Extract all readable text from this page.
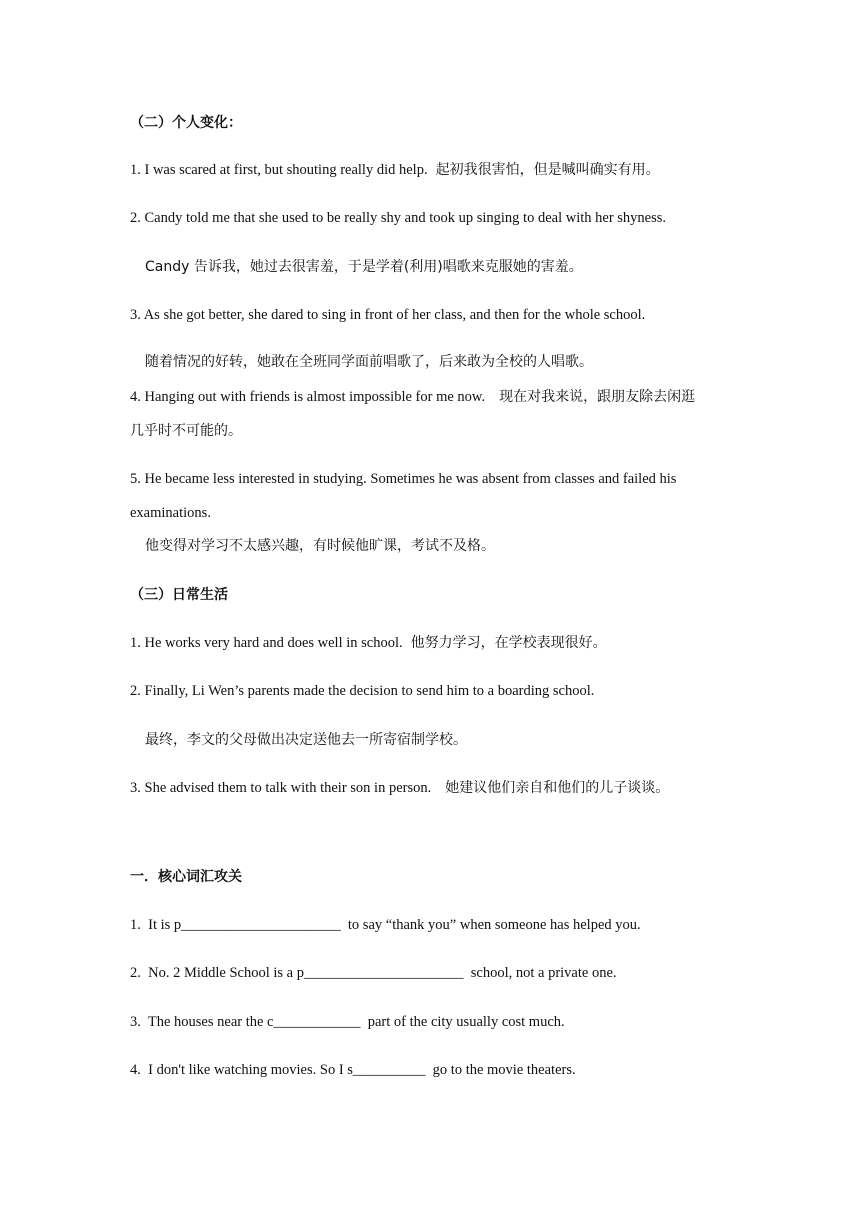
（二）个人变化：
1. I was scared at first, but shouting really did help. 起初我很害怕，但是喊叫确实有用。
2. Candy told me that she used to be really shy and took up singing to deal with her shyness.
Candy 告诉我，她过去很害羞，于是学着(利用)唱歌来克服她的害羞。
3. As she got better, she dared to sing in front of her class, and then for the whole school.
随着情况的好转，她敢在全班同学面前唱歌了，后来敢为全校的人唱歌。
4. Hanging out with friends is almost impossible for me now. 现在对我来说，跟朋友除去闲逛
几乎时不可能的。
5. He became less interested in studying. Sometimes he was absent from classes and failed his
examinations.
他变得对学习不太感兴趣，有时候他旷课，考试不及格。
（三）日常生活
1. He works very hard and does well in school. 他努力学习，在学校表现很好。
2. Finally, Li Wen’s parents made the decision to send him to a boarding school.
最终，李文的父母做出决定送他去一所寄宿制学校。
3. She advised them to talk with their son in person. 她建议他们亲自和他们的儿子谈谈。
一．核心词汇攻关
1.  It is p______________________  to say “thank you” when someone has helped you.
2.  No. 2 Middle School is a p______________________  school, not a private one.
3.  The houses near the c____________  part of the city usually cost much.
4.  I don't like watching movies. So I s__________  go to the movie theaters.
